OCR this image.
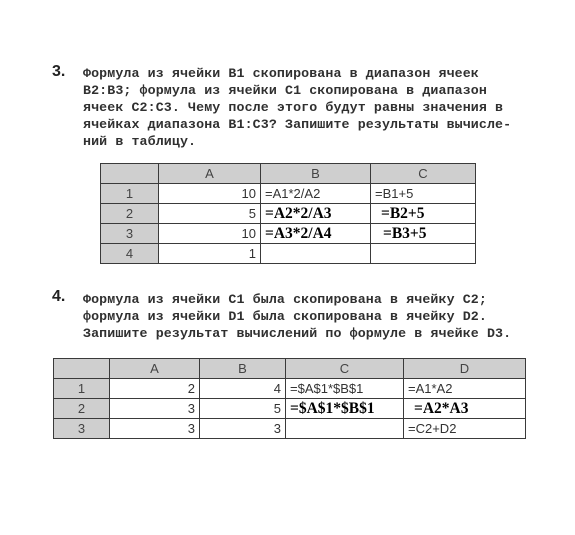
3. Формула из ячейки B1 скопирована в диапазон ячеек
B2:B3; формула из ячейки C1 скопирована в диапазон
ячеек C2:C3. Чему после этого будут равны значения в
ячейках диапазона B1:C3? Запишите результаты вычисле-
ний в таблицу.
	A	B	C
1	10	=A1*2/A2	=B1+5
2	5	=A2*2/A3	=B2+5
3	10	=A3*2/A4	=B3+5
4	1		
4. Формула из ячейки C1 была скопирована в ячейку C2;
формула из ячейки D1 была скопирована в ячейку D2.
Запишите результат вычислений по формуле в ячейке D3.
	A	B	C	D
1	2	4	=$A$1*$B$1	=A1*A2
2	3	5	=$A$1*$B$1	=A2*A3
3	3	3		=C2+D2
